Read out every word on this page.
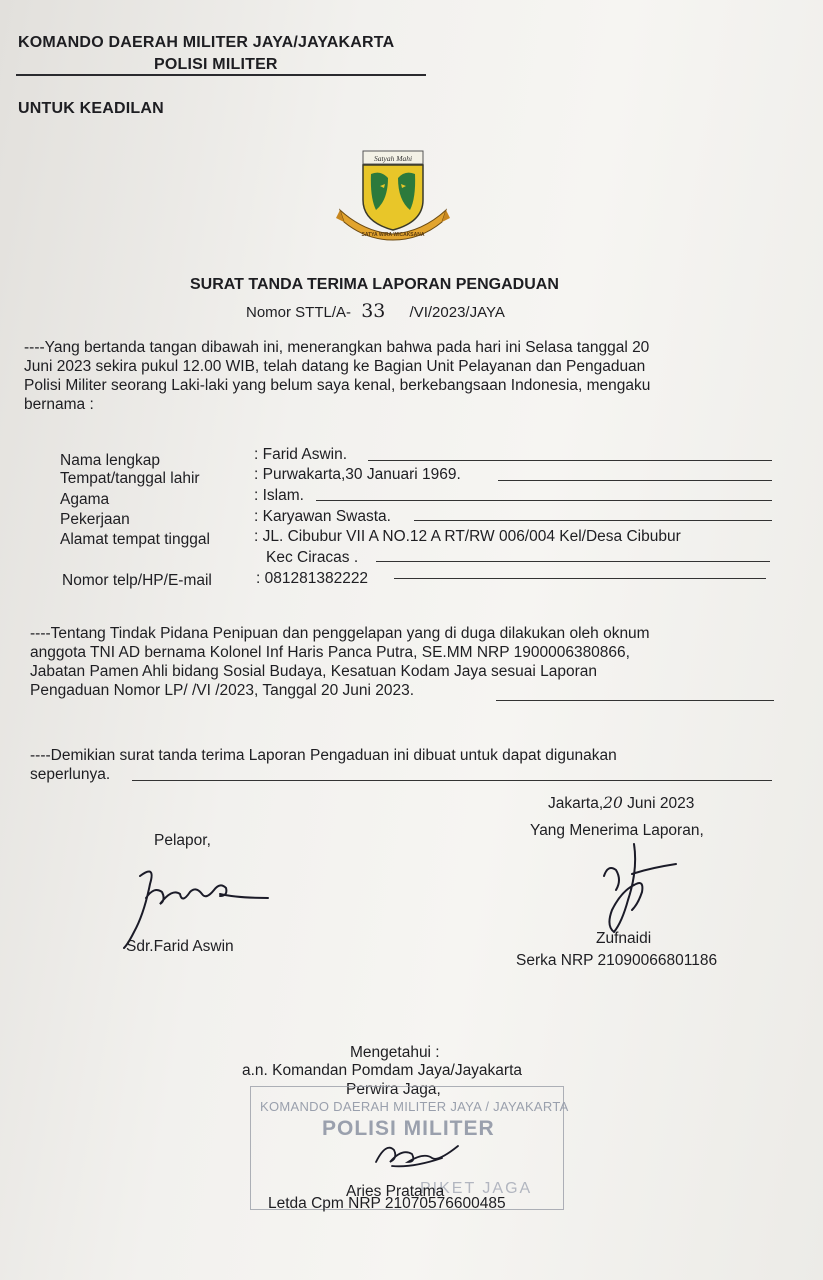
KOMANDO DAERAH MILITER JAYA/JAYAKARTA
POLISI MILITER
UNTUK KEADILAN
Satyah Mahi
SATYA WIRA WICAKSANA
SURAT TANDA TERIMA LAPORAN PENGADUAN
Nomor STTL/A- 33 /VI/2023/JAYA

----Yang bertanda tangan dibawah ini, menerangkan bahwa pada hari ini Selasa tanggal 20

Juni 2023 sekira pukul 12.00 WIB, telah datang ke Bagian Unit Pelayanan dan Pengaduan

Polisi Militer seorang Laki-laki yang belum saya kenal, berkebangsaan Indonesia, mengaku

bernama :

Nama lengkap	: Farid Aswin.
Tempat/tanggal lahir	: Purwakarta,30 Januari 1969.
Agama	: Islam.
Pekerjaan	: Karyawan Swasta.
Alamat tempat tinggal	: JL. Cibubur VII A NO.12 A RT/RW 006/004 Kel/Desa Cibubur
Kec Ciracas .
Nomor telp/HP/E-mail	: 081281382222

----Tentang Tindak Pidana Penipuan dan penggelapan yang di duga dilakukan oleh oknum

anggota TNI AD bernama Kolonel Inf Haris Panca Putra, SE.MM NRP 1900006380866,

Jabatan Pamen Ahli bidang Sosial Budaya, Kesatuan Kodam Jaya sesuai Laporan

Pengaduan Nomor LP/ /VI /2023, Tanggal 20 Juni 2023.

----Demikian surat tanda terima Laporan Pengaduan ini dibuat untuk dapat digunakan

seperlunya.

Jakarta,20 Juni 2023
Pelapor,
Sdr.Farid Aswin
Yang Menerima Laporan,
Zufnaidi
Serka NRP 21090066801186
Mengetahui :
a.n. Komandan Pomdam Jaya/Jayakarta
Perwira Jaga,
KOMANDO DAERAH MILITER JAYA / JAYAKARTA
POLISI MILITER
PIKET JAGA
Aries Pratama
Letda Cpm NRP 21070576600485
